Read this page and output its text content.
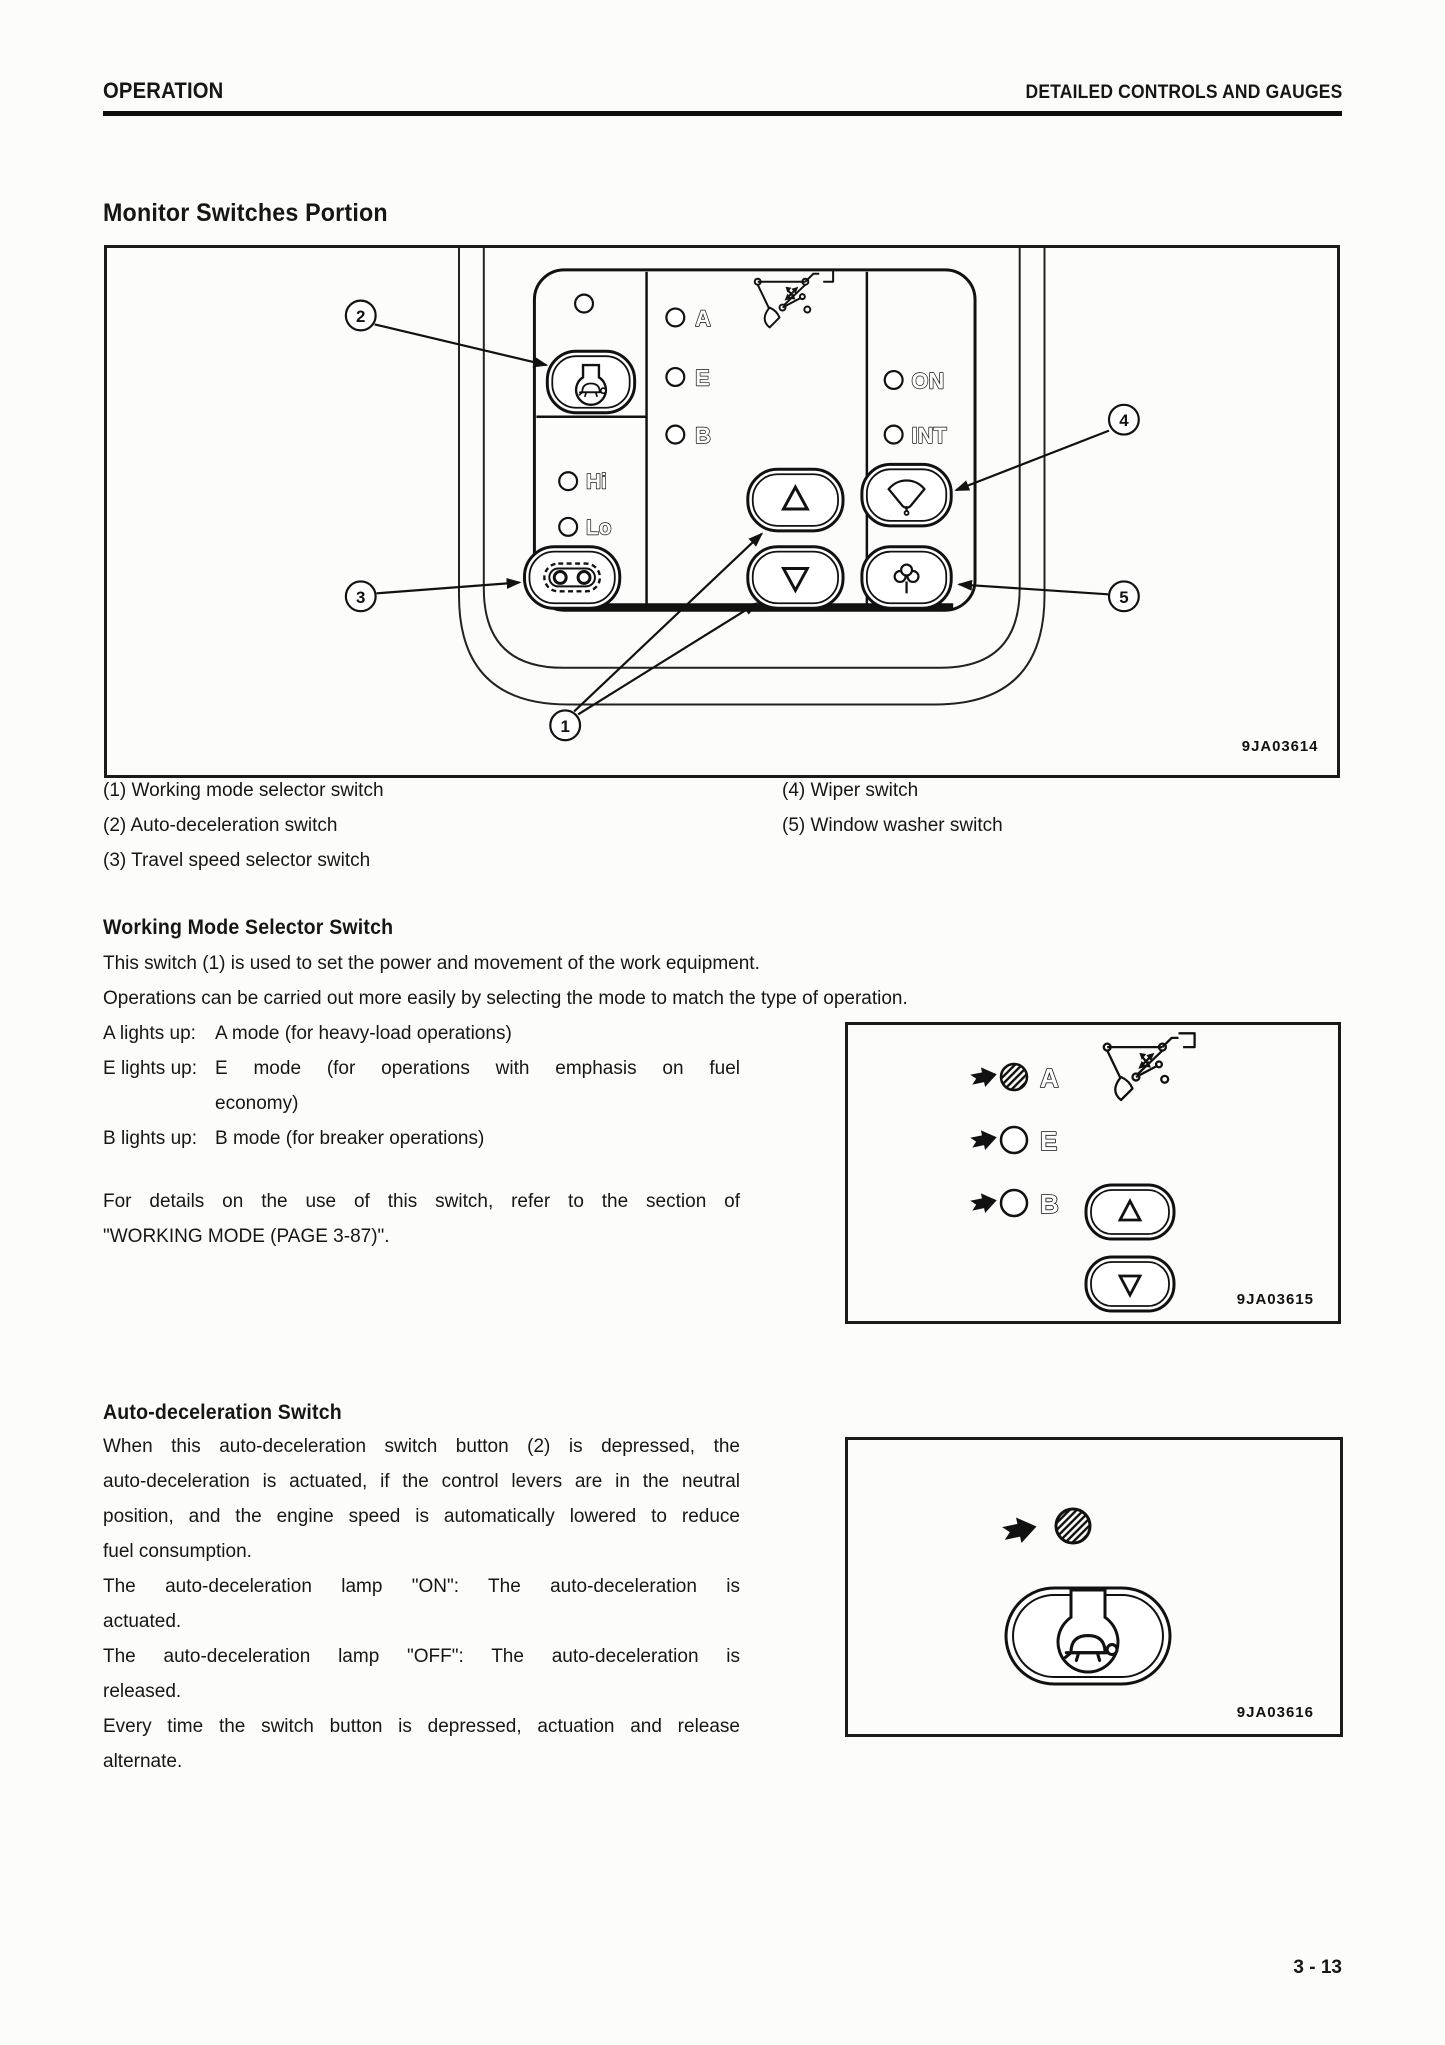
OPERATION	DETAILED CONTROLS AND GAUGES
Monitor Switches Portion
Hi
Lo
A
E
B
ON
INT
2
3
4
5
1
9JA03614
(1) Working mode selector switch
(2) Auto-deceleration switch
(3) Travel speed selector switch
(4) Wiper switch
(5) Window washer switch
Working Mode Selector Switch
This switch (1) is used to set the power and movement of the work equipment.
Operations can be carried out more easily by selecting the mode to match the type of operation.
A lights up:	A mode (for heavy-load operations)
E lights up: E mode (for operations with emphasis on fuel
economy)
B lights up: B mode (for breaker operations)
For details on the use of this switch, refer to the section of
"WORKING MODE (PAGE 3-87)".
A
E
B
9JA03615
Auto-deceleration Switch
When this auto-deceleration switch button (2) is depressed, the
auto-deceleration is actuated, if the control levers are in the neutral
position, and the engine speed is automatically lowered to reduce
fuel consumption.
The auto-deceleration lamp "ON": The auto-deceleration is
actuated.
The auto-deceleration lamp "OFF": The auto-deceleration is
released.
Every time the switch button is depressed, actuation and release
alternate.
9JA03616
3 - 13
